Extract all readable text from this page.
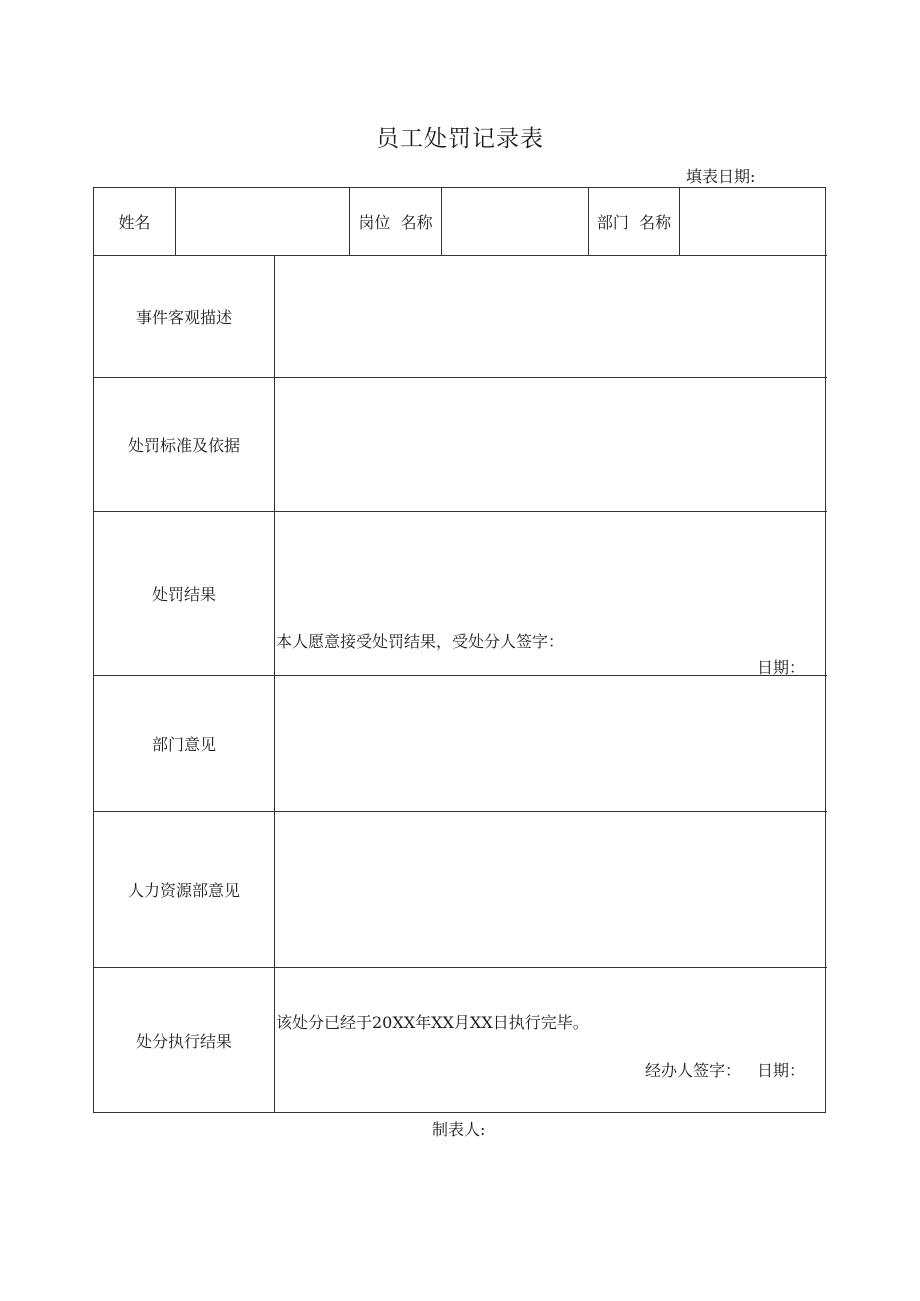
员工处罚记录表
填表日期:
姓名	岗位  名称	部门  名称
事件客观描述
处罚标准及依据
处罚结果
本人愿意接受处罚结果，受处分人签字：
日期：
部门意见
人力资源部意见
处分执行结果
该处分已经于20XX年XX月XX日执行完毕。
经办人签字： 日期：
制表人:
